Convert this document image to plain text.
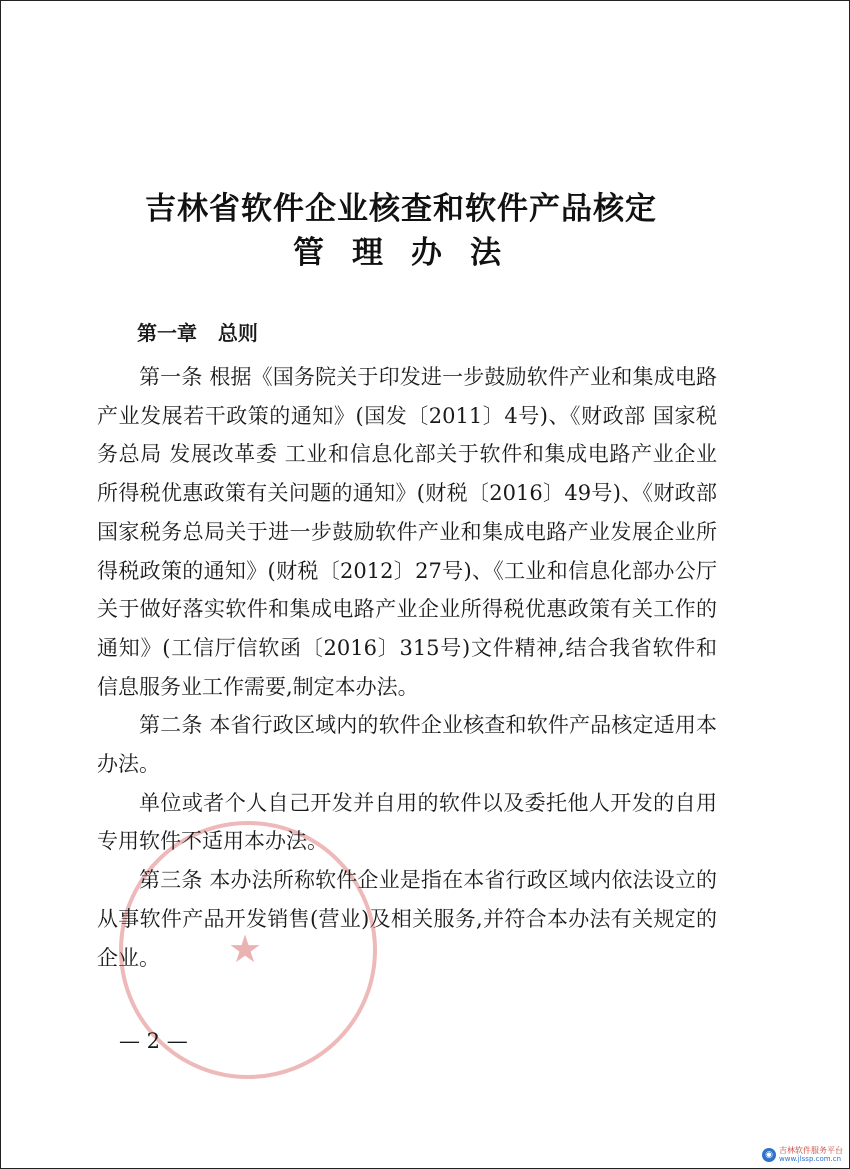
★
吉林省软件企业核查和软件产品核定
管理办法
第一章   总则

第一条 根据《国务院关于印发进一步鼓励软件产业和集成电路产业发展若干政策的通知》(国发〔2011〕4号)、《财政部 国家税务总局 发展改革委 工业和信息化部关于软件和集成电路产业企业所得税优惠政策有关问题的通知》(财税〔2016〕49号)、《财政部国家税务总局关于进一步鼓励软件产业和集成电路产业发展企业所得税政策的通知》(财税〔2012〕27号)、《工业和信息化部办公厅关于做好落实软件和集成电路产业企业所得税优惠政策有关工作的通知》(工信厅信软函〔2016〕315号)文件精神,结合我省软件和信息服务业工作需要,制定本办法。

第二条 本省行政区域内的软件企业核查和软件产品核定适用本办法。

单位或者个人自己开发并自用的软件以及委托他人开发的自用专用软件不适用本办法。

第三条 本办法所称软件企业是指在本省行政区域内依法设立的从事软件产品开发销售(营业)及相关服务,并符合本办法有关规定的企业。

— 2 —
◉ 吉林软件服务平台
www.jlssp.com.cn
